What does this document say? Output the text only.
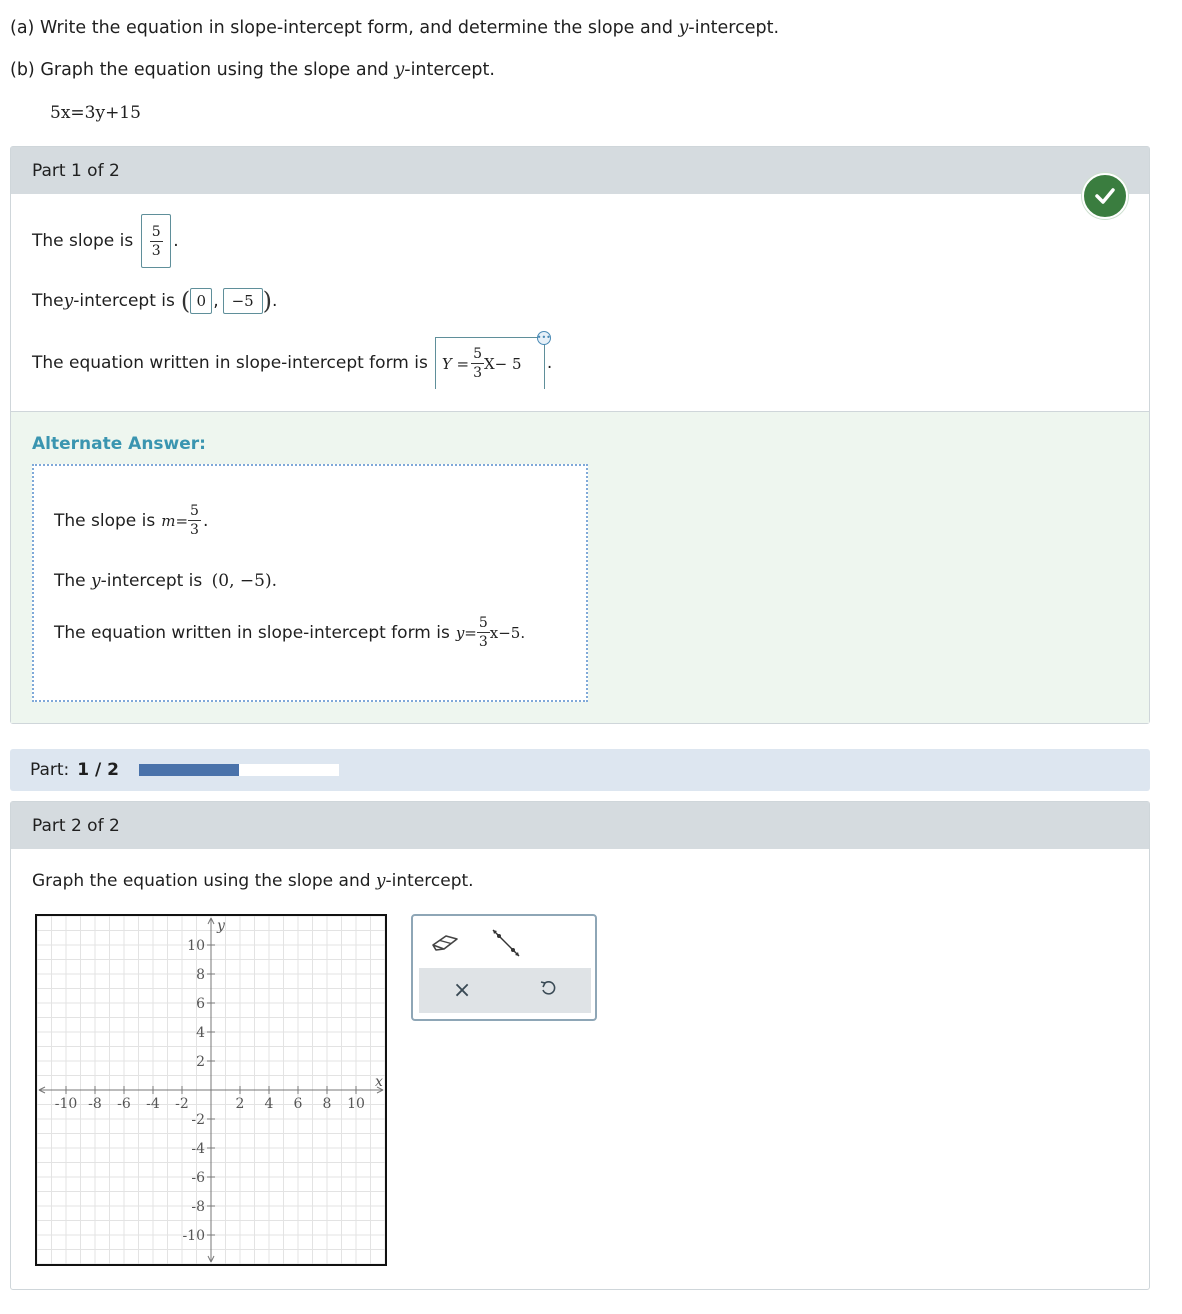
(a) Write the equation in slope-intercept form, and determine the slope and y-intercept.
(b) Graph the equation using the slope and y-intercept.
5x=3y+15
Part 1 of 2
The slope is $\frac{5}{3}$ .
The y -intercept is ( 0 , −5 ) .
The equation written in slope-intercept form is $Y = \frac{5}{3} X- 5$
•••
.
Alternate Answer:
The slope is $m= \frac{5}{3}$ .
The y-intercept is (0, −5).
The equation written in slope-intercept form is $y= \frac{5}{3} x-5$.
Part: 1 / 2
Part 2 of 2
Graph the equation using the slope and y-intercept.
-10 -8 -6 -4 -2	2 4 6 8 10
10
8
6
4
2
-2
-4
-6
-8
-10
x
y
×
